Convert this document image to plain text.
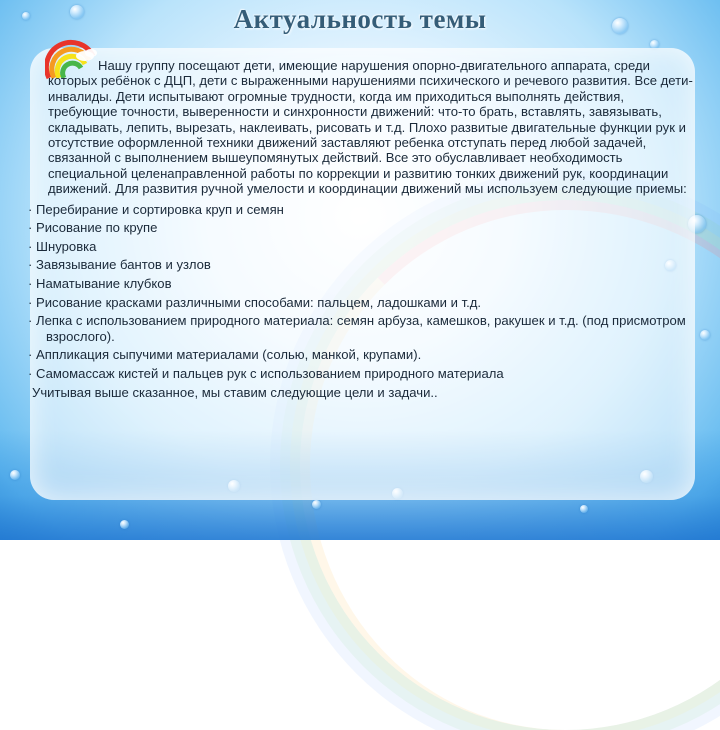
Актуальность темы

Нашу группу посещают дети, имеющие нарушения опорно-двигательного аппарата, среди которых ребёнок с ДЦП, дети с выраженными нарушениями психического и речевого развития. Все дети-инвалиды. Дети испытывают огромные трудности, когда им приходиться выполнять действия, требующие точности, выверенности и синхронности движений: что-то брать, вставлять, завязывать, складывать, лепить, вырезать, наклеивать, рисовать и т.д. Плохо развитые двигательные функции рук и отсутствие оформленной техники движений заставляют ребенка отступать перед любой задачей, связанной с выполнением вышеупомянутых действий. Все это обуславливает необходимость специальной целенаправленной работы по коррекции и развитию тонких движений рук, координации движений. Для развития ручной умелости и координации движений мы используем следующие приемы:

· Перебирание и сортировка круп и семян
· Рисование по крупе
· Шнуровка
· Завязывание бантов и узлов
· Наматывание клубков
· Рисование красками различными способами: пальцем, ладошками и т.д.
· Лепка с использованием природного материала: семян арбуза, камешков, ракушек и т.д. (под присмотром взрослого).
· Аппликация сыпучими материалами (солью, манкой, крупами).
· Самомассаж кистей и пальцев рук с использованием природного материала
Учитывая выше сказанное, мы ставим следующие цели и задачи..
